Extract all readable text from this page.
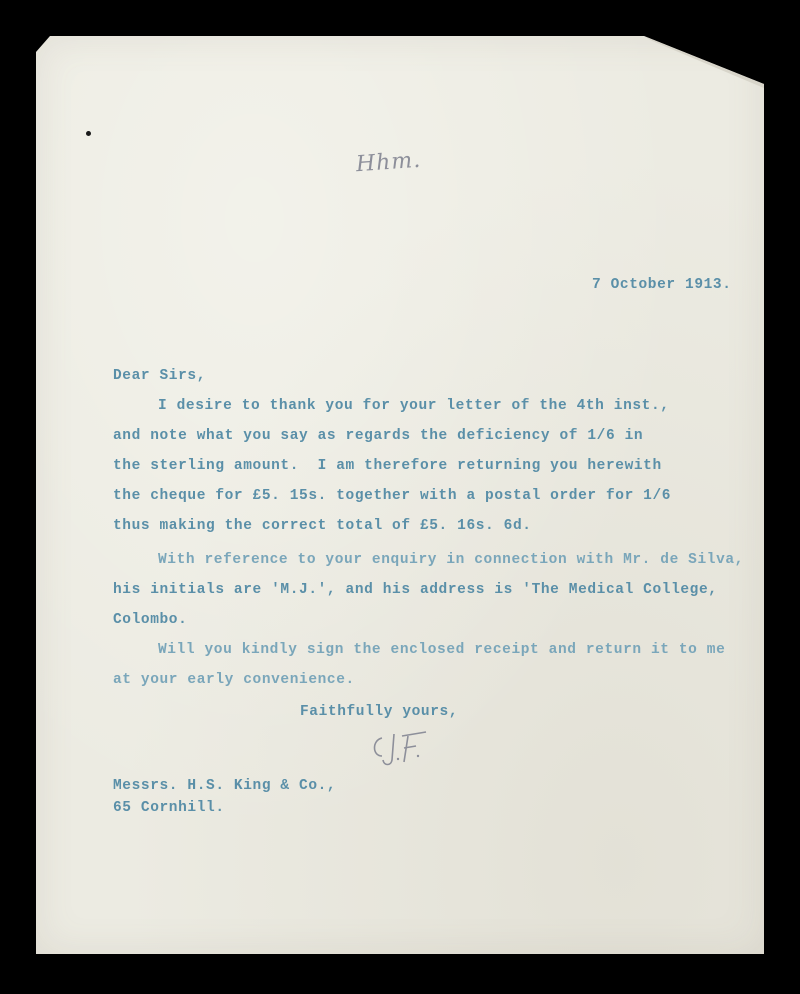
Hhm.
7 October 1913.
Dear Sirs,
I desire to thank you for your letter of the 4th inst.,
and note what you say as regards the deficiency of 1/6 in
the sterling amount.  I am therefore returning you herewith
the cheque for £5. 15s. together with a postal order for 1/6
thus making the correct total of £5. 16s. 6d.
With reference to your enquiry in connection with Mr. de Silva,
his initials are 'M.J.', and his address is 'The Medical College,
Colombo.
Will you kindly sign the enclosed receipt and return it to me
at your early convenience.
Faithfully yours,
Messrs. H.S. King & Co.,
65 Cornhill.
